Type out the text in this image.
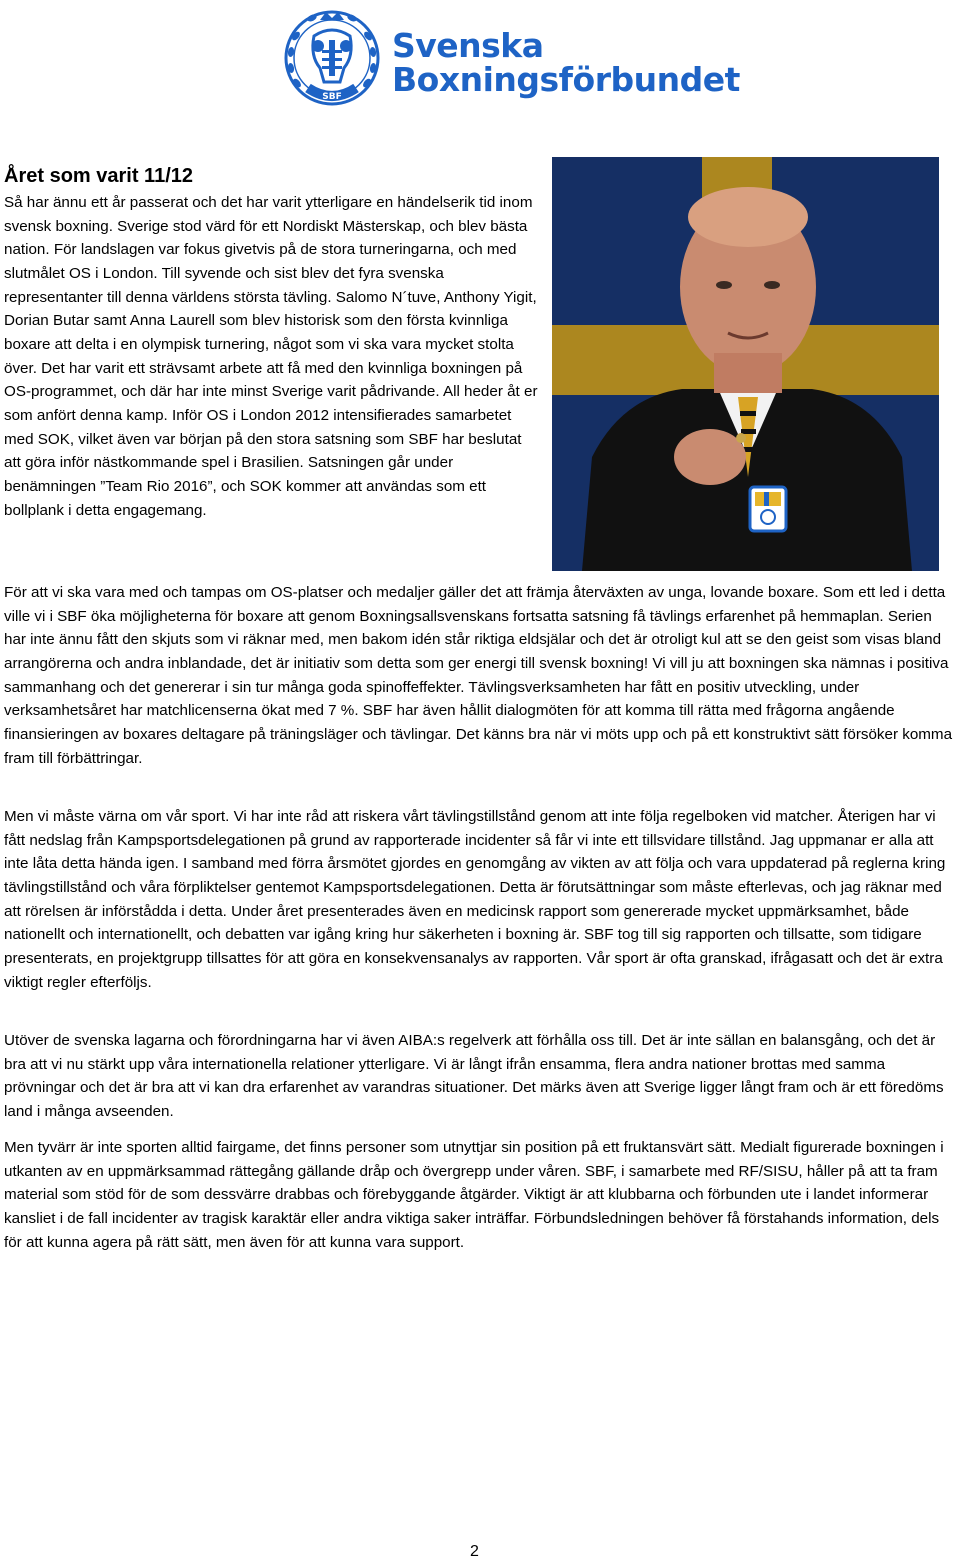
SBF
Svenska
Boxningsförbundet
Året som varit 11/12

Så har ännu ett år passerat och det har varit ytterligare en händelserik tid inom svensk boxning. Sverige stod värd för ett Nordiskt Mästerskap, och blev bästa nation. För landslagen var fokus givetvis på de stora turneringarna, och med slutmålet OS i London. Till syvende och sist blev det fyra svenska representanter till denna världens största tävling. Salomo N´tuve, Anthony Yigit, Dorian Butar samt Anna Laurell som blev historisk som den första kvinnliga boxare att delta i en olympisk turnering, något som vi ska vara mycket stolta över. Det har varit ett strävsamt arbete att få med den kvinnliga boxningen på OS-programmet, och där har inte minst Sverige varit pådrivande. All heder åt er som anfört denna kamp. Inför OS i London 2012 intensifierades samarbetet med SOK, vilket även var början på den stora satsning som SBF har beslutat att göra inför nästkommande spel i Brasilien. Satsningen går under benämningen ”Team Rio 2016”, och SOK kommer att användas som ett bollplank i detta engagemang.

För att vi ska vara med och tampas om OS-platser och medaljer gäller det att främja återväxten av unga, lovande boxare. Som ett led i detta ville vi i SBF öka möjligheterna för boxare att genom Boxningsallsvenskans fortsatta satsning få tävlings erfarenhet på hemmaplan. Serien har inte ännu fått den skjuts som vi räknar med, men bakom idén står riktiga eldsjälar och det är otroligt kul att se den geist som visas bland arrangörerna och andra inblandade, det är initiativ som detta som ger energi till svensk boxning! Vi vill ju att boxningen ska nämnas i positiva sammanhang och det genererar i sin tur många goda spinoffeffekter. Tävlingsverksamheten har fått en positiv utveckling, under verksamhetsåret har matchlicenserna ökat med 7 %. SBF har även hållit dialogmöten för att komma till rätta med frågorna angående finansieringen av boxares deltagare på träningsläger och tävlingar. Det känns bra när vi möts upp och på ett konstruktivt sätt försöker komma fram till förbättringar.

Men vi måste värna om vår sport. Vi har inte råd att riskera vårt tävlingstillstånd genom att inte följa regelboken vid matcher. Återigen har vi fått nedslag från Kampsportsdelegationen på grund av rapporterade incidenter så får vi inte ett tillsvidare tillstånd. Jag uppmanar er alla att inte låta detta hända igen. I samband med förra årsmötet gjordes en genomgång av vikten av att följa och vara uppdaterad på reglerna kring tävlingstillstånd och våra förpliktelser gentemot Kampsportsdelegationen. Detta är förutsättningar som måste efterlevas, och jag räknar med att rörelsen är införstådda i detta. Under året presenterades även en medicinsk rapport som genererade mycket uppmärksamhet, både nationellt och internationellt, och debatten var igång kring hur säkerheten i boxning är. SBF tog till sig rapporten och tillsatte, som tidigare presenterats, en projektgrupp tillsattes för att göra en konsekvensanalys av rapporten. Vår sport är ofta granskad, ifrågasatt och det är extra viktigt regler efterföljs.

Utöver de svenska lagarna och förordningarna har vi även AIBA:s regelverk att förhålla oss till. Det är inte sällan en balansgång, och det är bra att vi nu stärkt upp våra internationella relationer ytterligare. Vi är långt ifrån ensamma, flera andra nationer brottas med samma prövningar och det är bra att vi kan dra erfarenhet av varandras situationer. Det märks även att Sverige ligger långt fram och är ett föredöms land i många avseenden.

Men tyvärr är inte sporten alltid fairgame, det finns personer som utnyttjar sin position på ett fruktansvärt sätt. Medialt figurerade boxningen i utkanten av en uppmärksammad rättegång gällande dråp och övergrepp under våren. SBF, i samarbete med RF/SISU, håller på att ta fram material som stöd för de som dessvärre drabbas och förebyggande åtgärder. Viktigt är att klubbarna och förbunden ute i landet informerar kansliet i de fall incidenter av tragisk karaktär eller andra viktiga saker inträffar. Förbundsledningen behöver få förstahands information, dels för att kunna agera på rätt sätt, men även för att kunna vara support.

2
